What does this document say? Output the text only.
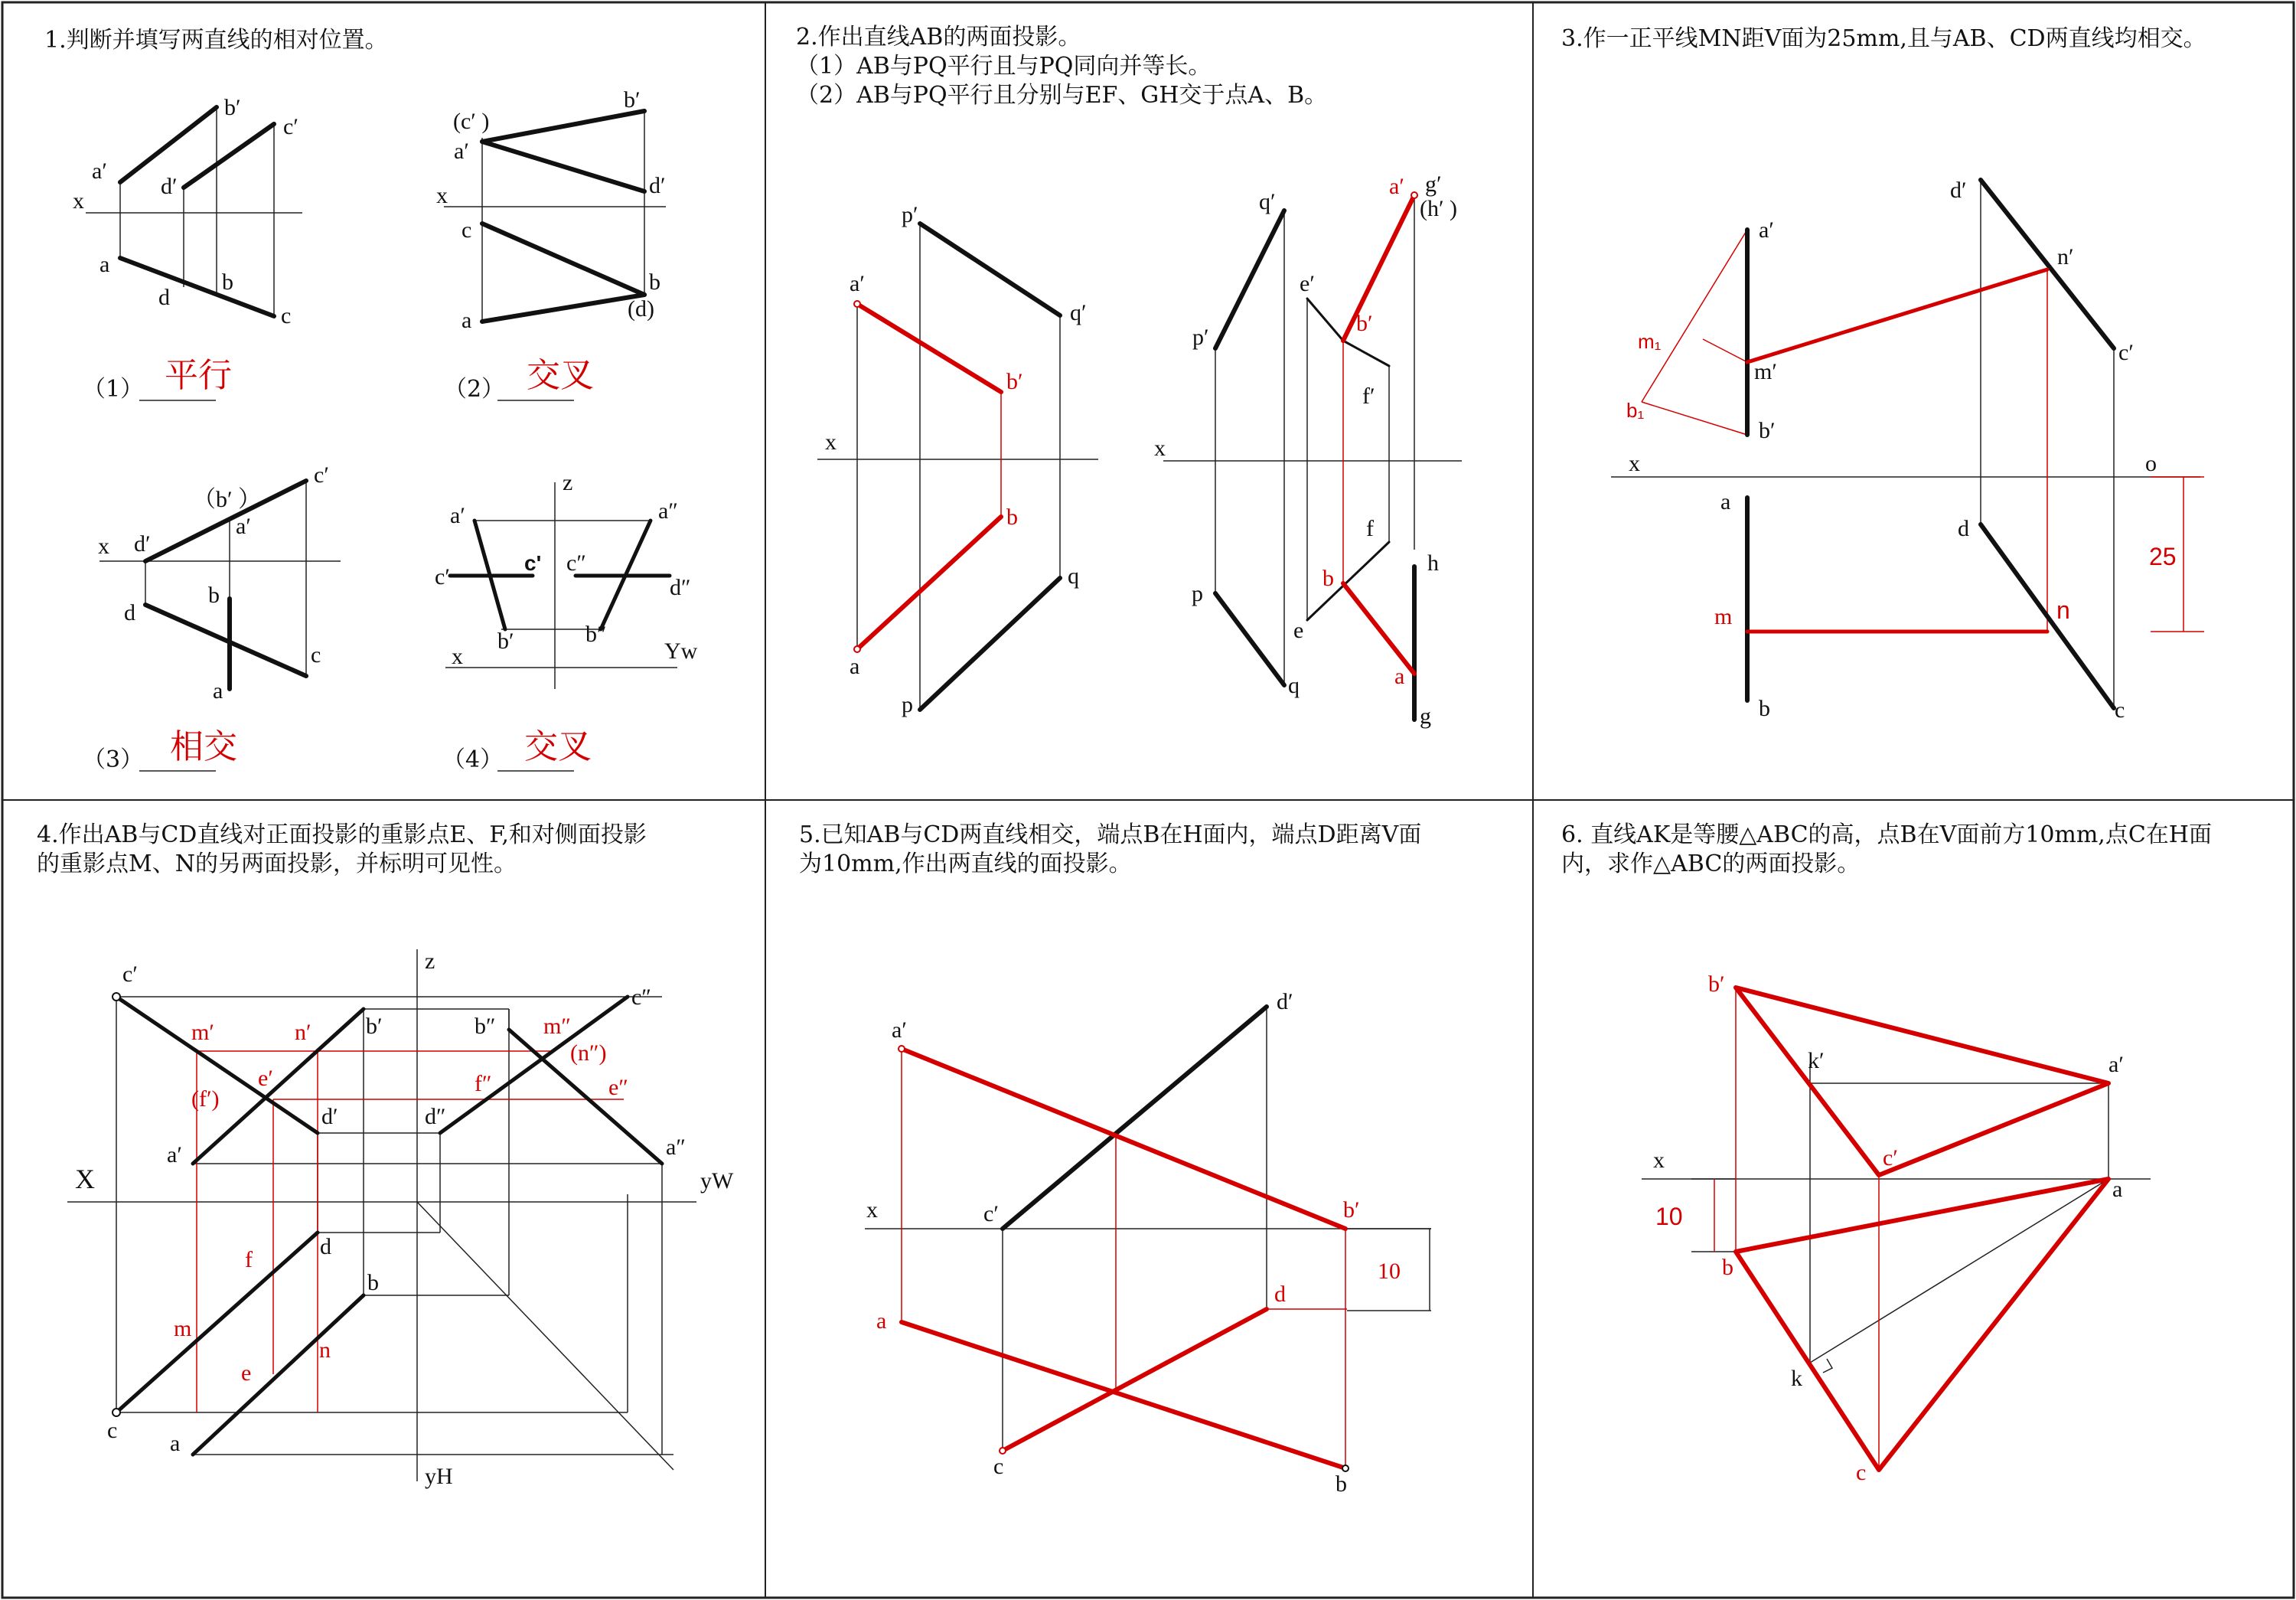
1.判断并填写两直线的相对位置。	2.作出直线AB的两面投影。
（1）AB与PQ平行且与PQ同向并等长。
（2）AB与PQ平行且分别与EF、GH交于点A、B。
3.作一正平线MN距V面为25mm,且与AB、CD两直线均相交。
4.作出AB与CD直线对正面投影的重影点E、F,和对侧面投影
的重影点M、N的另两面投影，并标明可见性。
5.已知AB与CD两直线相交，端点B在H面内，端点D距离V面
为10mm,作出两直线的面投影。
6. 直线AK是等腰△ABC的高，点B在V面前方10mm,点C在H面
内，求作△ABC的两面投影。
a′
b′
c′
d′
x
a
b
c
d
（1） 平行
(c′ )
a′
b′
d′
x
c
a
b
(d)
（2） 交叉
（b′ ）
c′
x d′
a′
b
d
c
a
（3） 相交
z
a′	a″
c′
c' c″
d″
b′	b″
x	Yw
（4） 交叉
p′
a′
q′
b′
x
b
q
a
p
a′ g′
(h′ )
q′
e′
b′
p′
f′
x
f
h
b
p
e
a
q
g
d′
a′
n′
m₁	c′
m′
b₁
b′
x	o
a
d
25
m	n
b	c
c′
z
c″
m′	n′ b′	b″ m″
(n″)
(f′)
e′	f″	e″
d′	d″
a′	a″
X	yW
d
f
b
m
n
e
c
a
yH
a′
d′
x	c′	b′
10
d
a
c
b
b′
k′	a′
c′
x
a
10
b
k
c
